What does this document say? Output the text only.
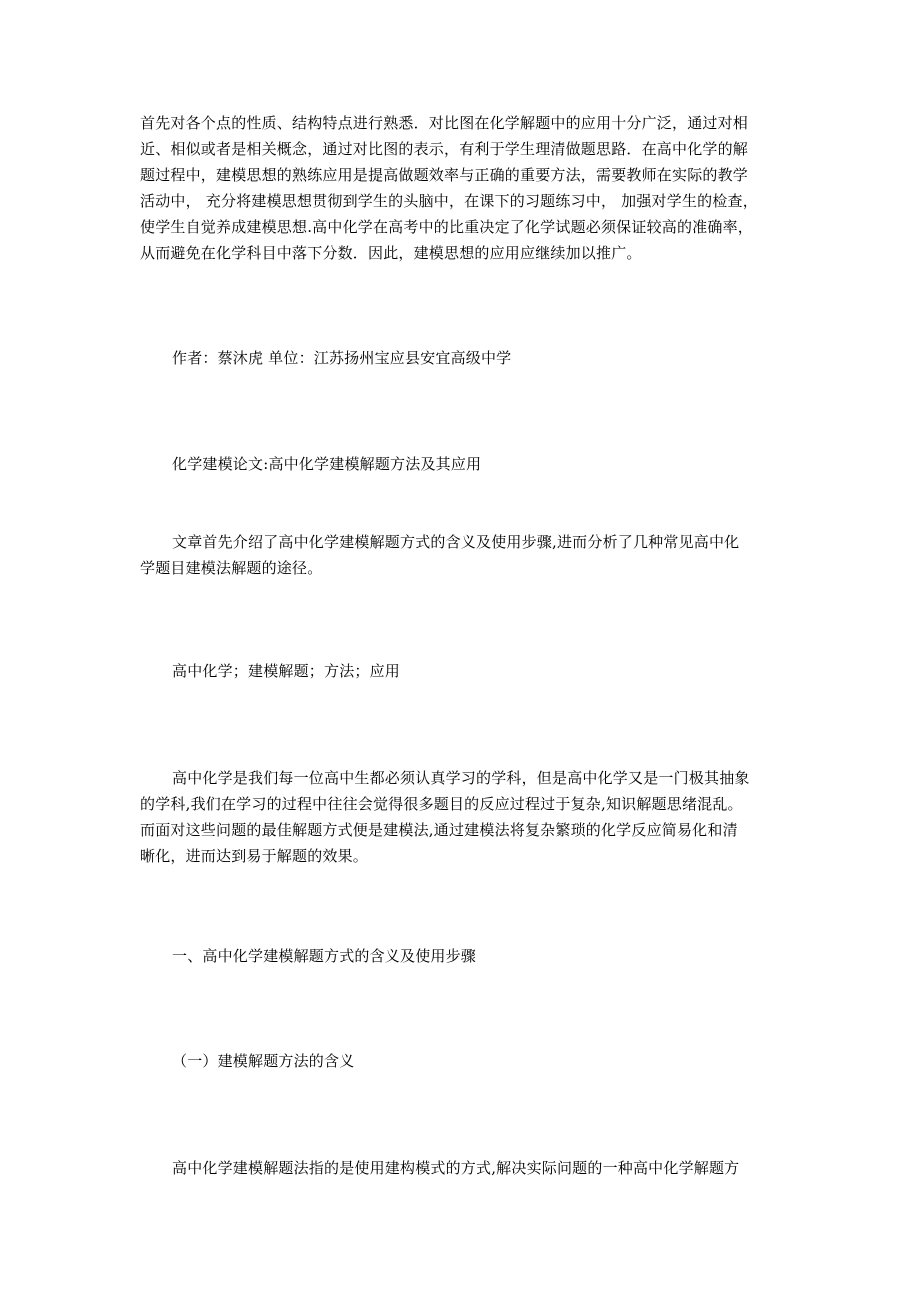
首先对各个点的性质、结构特点进行熟悉．对比图在化学解题中的应用十分广泛，通过对相
近、相似或者是相关概念，通过对比图的表示，有利于学生理清做题思路．在高中化学的解
题过程中，建模思想的熟练应用是提高做题效率与正确的重要方法，需要教师在实际的教学
活动中， 充分将建模思想贯彻到学生的头脑中，在课下的习题练习中， 加强对学生的检查，
使学生自觉养成建模思想.高中化学在高考中的比重决定了化学试题必须保证较高的准确率，
从而避免在化学科目中落下分数．因此，建模思想的应用应继续加以推广。
作者：蔡沐虎 单位：江苏扬州宝应县安宜高级中学
化学建模论文:高中化学建模解题方法及其应用
文章首先介绍了高中化学建模解题方式的含义及使用步骤,进而分析了几种常见高中化
学题目建模法解题的途径。
高中化学；建模解题；方法；应用
高中化学是我们每一位高中生都必须认真学习的学科，但是高中化学又是一门极其抽象
的学科,我们在学习的过程中往往会觉得很多题目的反应过程过于复杂,知识解题思绪混乱。
而面对这些问题的最佳解题方式便是建模法,通过建模法将复杂繁琐的化学反应简易化和清
晰化，进而达到易于解题的效果。
一、高中化学建模解题方式的含义及使用步骤
（一）建模解题方法的含义
高中化学建模解题法指的是使用建构模式的方式,解决实际问题的一种高中化学解题方
